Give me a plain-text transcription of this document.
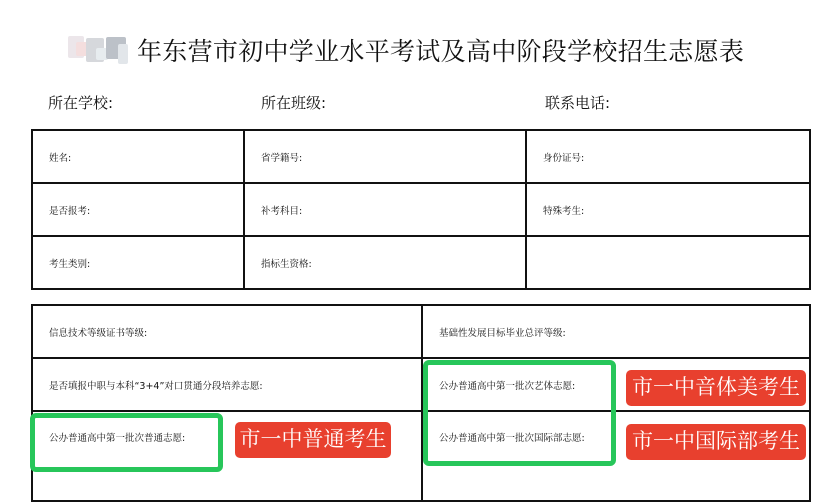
年东营市初中学业水平考试及高中阶段学校招生志愿表
所在学校:	所在班级:	联系电话:
姓名:	省学籍号:	身份证号:
是否报考:	补考科目:	特殊考生:
考生类别:	指标生资格:	
信息技术等级证书等级:	基础性发展目标毕业总评等级:
是否填报中职与本科“3+4”对口贯通分段培养志愿:	公办普通高中第一批次艺体志愿:
公办普通高中第一批次普通志愿:	公办普通高中第一批次国际部志愿:
市一中音体美考生
市一中普通考生	市一中国际部考生
